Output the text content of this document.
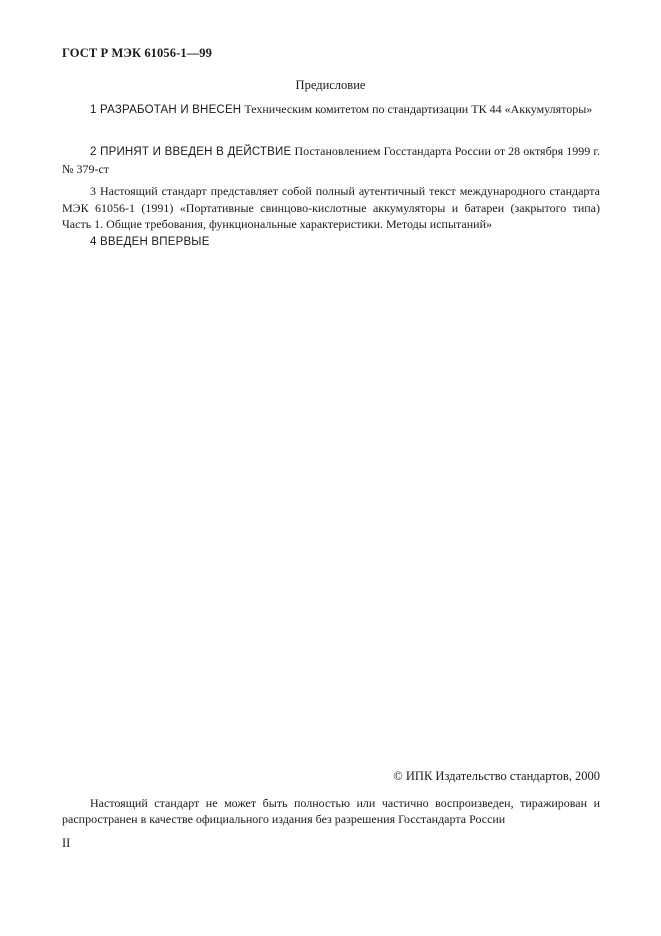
ГОСТ Р МЭК 61056-1—99
Предисловие
1 РАЗРАБОТАН И ВНЕСЕН Техническим комитетом по стандартизации ТК 44 «Аккумуляторы»
2 ПРИНЯТ И ВВЕДЕН В ДЕЙСТВИЕ Постановлением Госстандарта России от 28 октября 1999 г. № 379-ст
3 Настоящий стандарт представляет собой полный аутентичный текст международного стандарта МЭК 61056-1 (1991) «Портативные свинцово-кислотные аккумуляторы и батареи (закрытого типа) Часть 1. Общие требования, функциональные характеристики. Методы испытаний»
4 ВВЕДЕН ВПЕРВЫЕ
© ИПК Издательство стандартов, 2000
Настоящий стандарт не может быть полностью или частично воспроизведен, тиражирован и распространен в качестве официального издания без разрешения Госстандарта России
II
